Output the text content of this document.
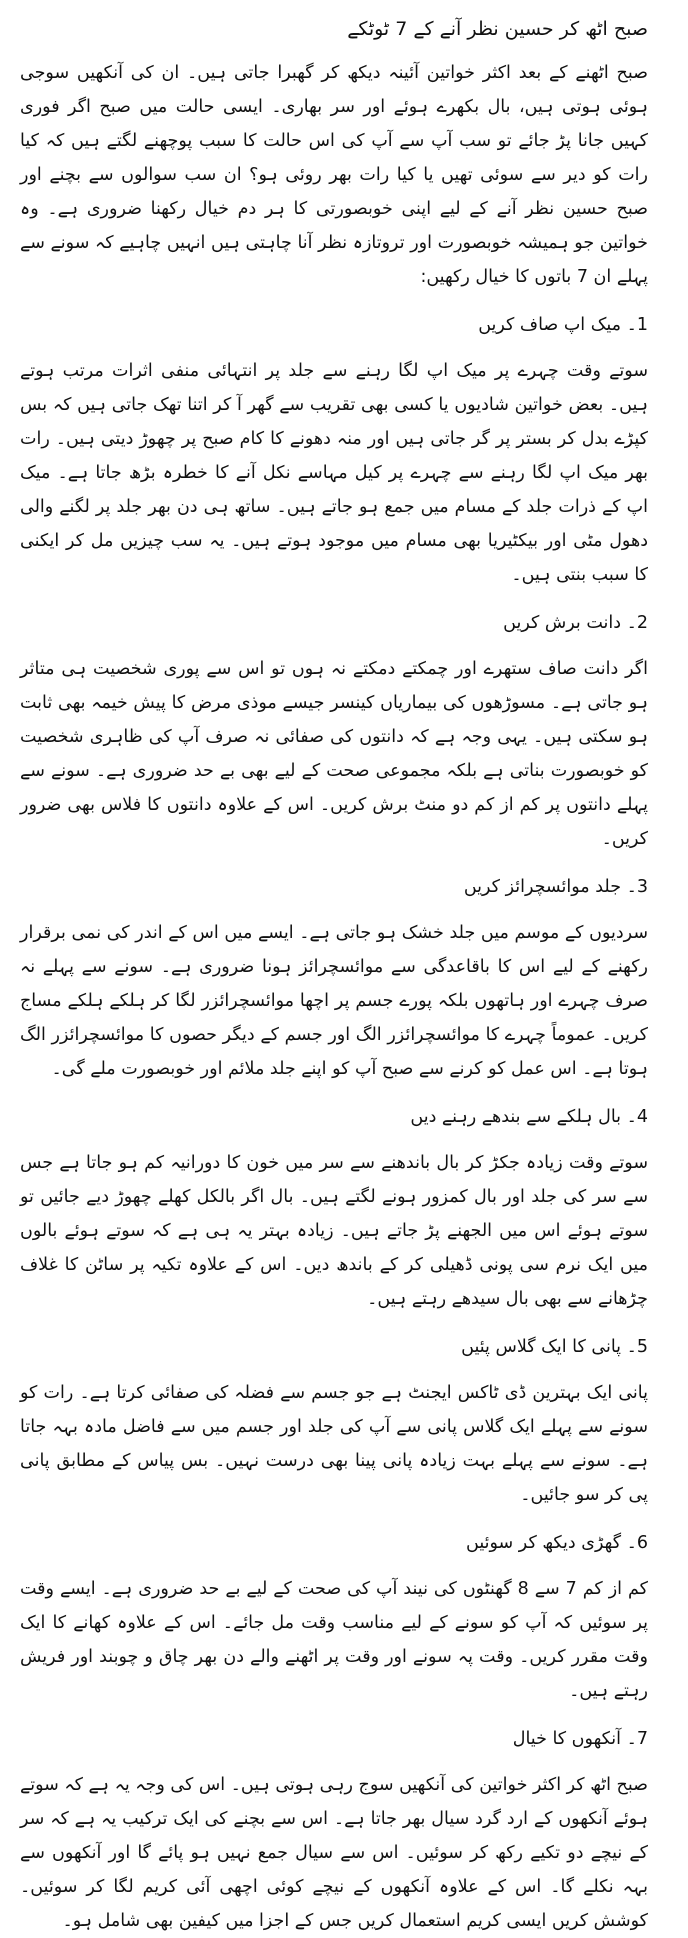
صبح اٹھ کر حسین نظر آنے کے 7 ٹوٹکے

صبح اٹھنے کے بعد اکثر خواتین آئینہ دیکھ کر گھبرا جاتی ہیں۔ ان کی آنکھیں سوجی ہوئی ہوتی ہیں، بال بکھرے ہوئے اور سر بھاری۔ ایسی حالت میں صبح اگر فوری کہیں جانا پڑ جائے تو سب آپ سے آپ کی اس حالت کا سبب پوچھنے لگتے ہیں کہ کیا رات کو دیر سے سوئی تھیں یا کیا رات بھر روئی ہو؟ ان سب سوالوں سے بچنے اور صبح حسین نظر آنے کے لیے اپنی خوبصورتی کا ہر دم خیال رکھنا ضروری ہے۔ وہ خواتین جو ہمیشہ خوبصورت اور تروتازہ نظر آنا چاہتی ہیں انہیں چاہیے کہ سونے سے پہلے ان 7 باتوں کا خیال رکھیں:

1۔ میک اپ صاف کریں

سوتے وقت چہرے پر میک اپ لگا رہنے سے جلد پر انتہائی منفی اثرات مرتب ہوتے ہیں۔ بعض خواتین شادیوں یا کسی بھی تقریب سے گھر آ کر اتنا تھک جاتی ہیں کہ بس کپڑے بدل کر بستر پر گر جاتی ہیں اور منہ دھونے کا کام صبح پر چھوڑ دیتی ہیں۔ رات بھر میک اپ لگا رہنے سے چہرے پر کیل مہاسے نکل آنے کا خطرہ بڑھ جاتا ہے۔ میک اپ کے ذرات جلد کے مسام میں جمع ہو جاتے ہیں۔ ساتھ ہی دن بھر جلد پر لگنے والی دھول مٹی اور بیکٹیریا بھی مسام میں موجود ہوتے ہیں۔ یہ سب چیزیں مل کر ایکنی کا سبب بنتی ہیں۔

2۔ دانت برش کریں

اگر دانت صاف ستھرے اور چمکتے دمکتے نہ ہوں تو اس سے پوری شخصیت ہی متاثر ہو جاتی ہے۔ مسوڑھوں کی بیماریاں کینسر جیسے موذی مرض کا پیش خیمہ بھی ثابت ہو سکتی ہیں۔ یہی وجہ ہے کہ دانتوں کی صفائی نہ صرف آپ کی ظاہری شخصیت کو خوبصورت بناتی ہے بلکہ مجموعی صحت کے لیے بھی بے حد ضروری ہے۔ سونے سے پہلے دانتوں پر کم از کم دو منٹ برش کریں۔ اس کے علاوہ دانتوں کا فلاس بھی ضرور کریں۔

3۔ جلد موائسچرائز کریں

سردیوں کے موسم میں جلد خشک ہو جاتی ہے۔ ایسے میں اس کے اندر کی نمی برقرار رکھنے کے لیے اس کا باقاعدگی سے موائسچرائز ہونا ضروری ہے۔ سونے سے پہلے نہ صرف چہرے اور ہاتھوں بلکہ پورے جسم پر اچھا موائسچرائزر لگا کر ہلکے ہلکے مساج کریں۔ عموماً چہرے کا موائسچرائزر الگ اور جسم کے دیگر حصوں کا موائسچرائزر الگ ہوتا ہے۔ اس عمل کو کرنے سے صبح آپ کو اپنے جلد ملائم اور خوبصورت ملے گی۔

4۔ بال ہلکے سے بندھے رہنے دیں

سوتے وقت زیادہ جکڑ کر بال باندھنے سے سر میں خون کا دورانیہ کم ہو جاتا ہے جس سے سر کی جلد اور بال کمزور ہونے لگتے ہیں۔ بال اگر بالکل کھلے چھوڑ دیے جائیں تو سوتے ہوئے اس میں الجھنے پڑ جاتے ہیں۔ زیادہ بہتر یہ ہی ہے کہ سوتے ہوئے بالوں میں ایک نرم سی پونی ڈھیلی کر کے باندھ دیں۔ اس کے علاوہ تکیہ پر ساٹن کا غلاف چڑھانے سے بھی بال سیدھے رہتے ہیں۔

5۔ پانی کا ایک گلاس پئیں

پانی ایک بہترین ڈی ٹاکس ایجنٹ ہے جو جسم سے فضلہ کی صفائی کرتا ہے۔ رات کو سونے سے پہلے ایک گلاس پانی سے آپ کی جلد اور جسم میں سے فاضل مادہ بہہ جاتا ہے۔ سونے سے پہلے بہت زیادہ پانی پینا بھی درست نہیں۔ بس پیاس کے مطابق پانی پی کر سو جائیں۔

6۔ گھڑی دیکھ کر سوئیں

کم از کم 7 سے 8 گھنٹوں کی نیند آپ کی صحت کے لیے بے حد ضروری ہے۔ ایسے وقت پر سوئیں کہ آپ کو سونے کے لیے مناسب وقت مل جائے۔ اس کے علاوہ کھانے کا ایک وقت مقرر کریں۔ وقت پہ سونے اور وقت پر اٹھنے والے دن بھر چاق و چوبند اور فریش رہتے ہیں۔

7۔ آنکھوں کا خیال

صبح اٹھ کر اکثر خواتین کی آنکھیں سوج رہی ہوتی ہیں۔ اس کی وجہ یہ ہے کہ سوتے ہوئے آنکھوں کے ارد گرد سیال بھر جاتا ہے۔ اس سے بچنے کی ایک ترکیب یہ ہے کہ سر کے نیچے دو تکیے رکھ کر سوئیں۔ اس سے سیال جمع نہیں ہو پائے گا اور آنکھوں سے بہہ نکلے گا۔ اس کے علاوہ آنکھوں کے نیچے کوئی اچھی آئی کریم لگا کر سوئیں۔ کوشش کریں ایسی کریم استعمال کریں جس کے اجزا میں کیفین بھی شامل ہو۔
